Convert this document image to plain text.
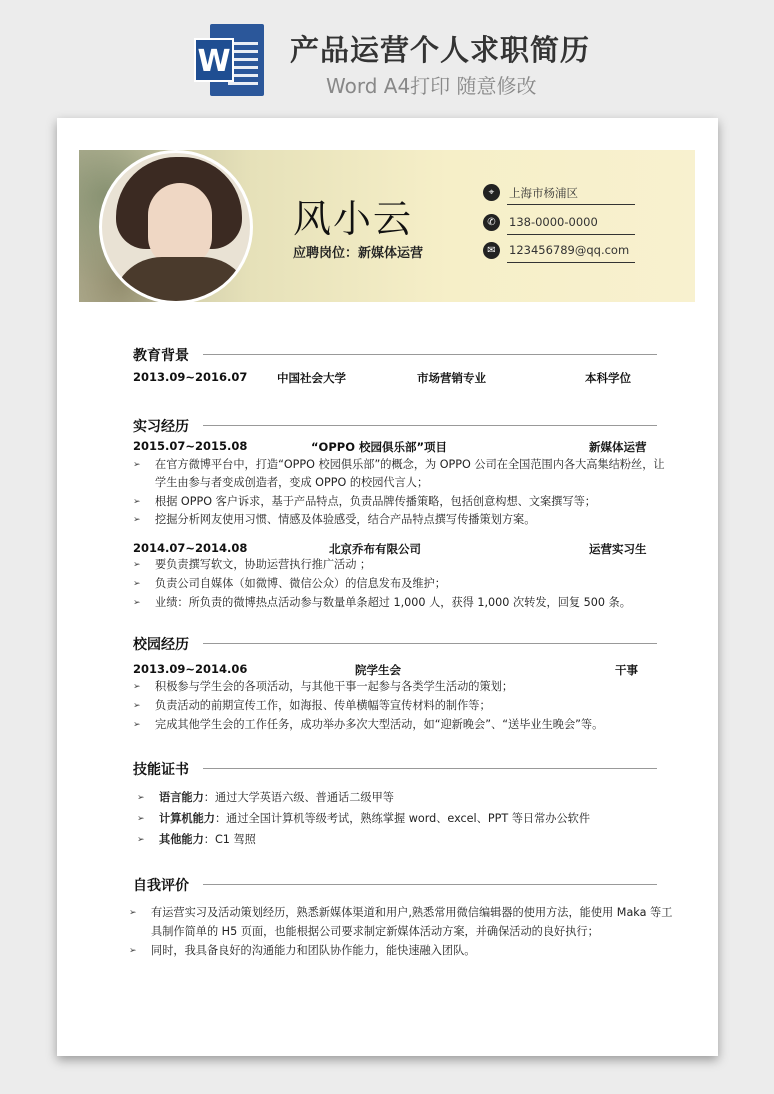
W 产品运营个人求职简历
Word A4打印 随意修改
风小云
应聘岗位：新媒体运营
⌖	上海市杨浦区
✆	138-0000-0000
✉	123456789@qq.com
教育背景
2013.09~2016.07	中国社会大学	市场营销专业	本科学位
实习经历
2015.07~2015.08	“OPPO 校园俱乐部”项目	新媒体运营
➢ 在官方微博平台中，打造“OPPO 校园俱乐部”的概念，为 OPPO 公司在全国范围内各大高集结粉丝，让
学生由参与者变成创造者，变成 OPPO 的校园代言人；
➢ 根据 OPPO 客户诉求，基于产品特点，负责品牌传播策略，包括创意构想、文案撰写等；
➢ 挖掘分析网友使用习惯、情感及体验感受，结合产品特点撰写传播策划方案。
2014.07~2014.08	北京乔布有限公司	运营实习生
➢ 要负责撰写软文，协助运营执行推广活动 ；
➢ 负责公司自媒体（如微博、微信公众）的信息发布及维护；
➢ 业绩：所负责的微博热点活动参与数量单条超过 1,000 人，获得 1,000 次转发，回复 500 条。
校园经历
2013.09~2014.06	院学生会	干事
➢ 积极参与学生会的各项活动，与其他干事一起参与各类学生活动的策划；
➢ 负责活动的前期宣传工作，如海报、传单横幅等宣传材料的制作等；
➢ 完成其他学生会的工作任务，成功举办多次大型活动，如“迎新晚会”、“送毕业生晚会”等。
技能证书
➢ 语言能力：通过大学英语六级、普通话二级甲等
➢ 计算机能力：通过全国计算机等级考试，熟练掌握 word、excel、PPT 等日常办公软件
➢ 其他能力：C1 驾照
自我评价
➢ 有运营实习及活动策划经历，熟悉新媒体渠道和用户,熟悉常用微信编辑器的使用方法，能使用 Maka 等工
具制作简单的 H5 页面，也能根据公司要求制定新媒体活动方案，并确保活动的良好执行；
➢ 同时，我具备良好的沟通能力和团队协作能力，能快速融入团队。
